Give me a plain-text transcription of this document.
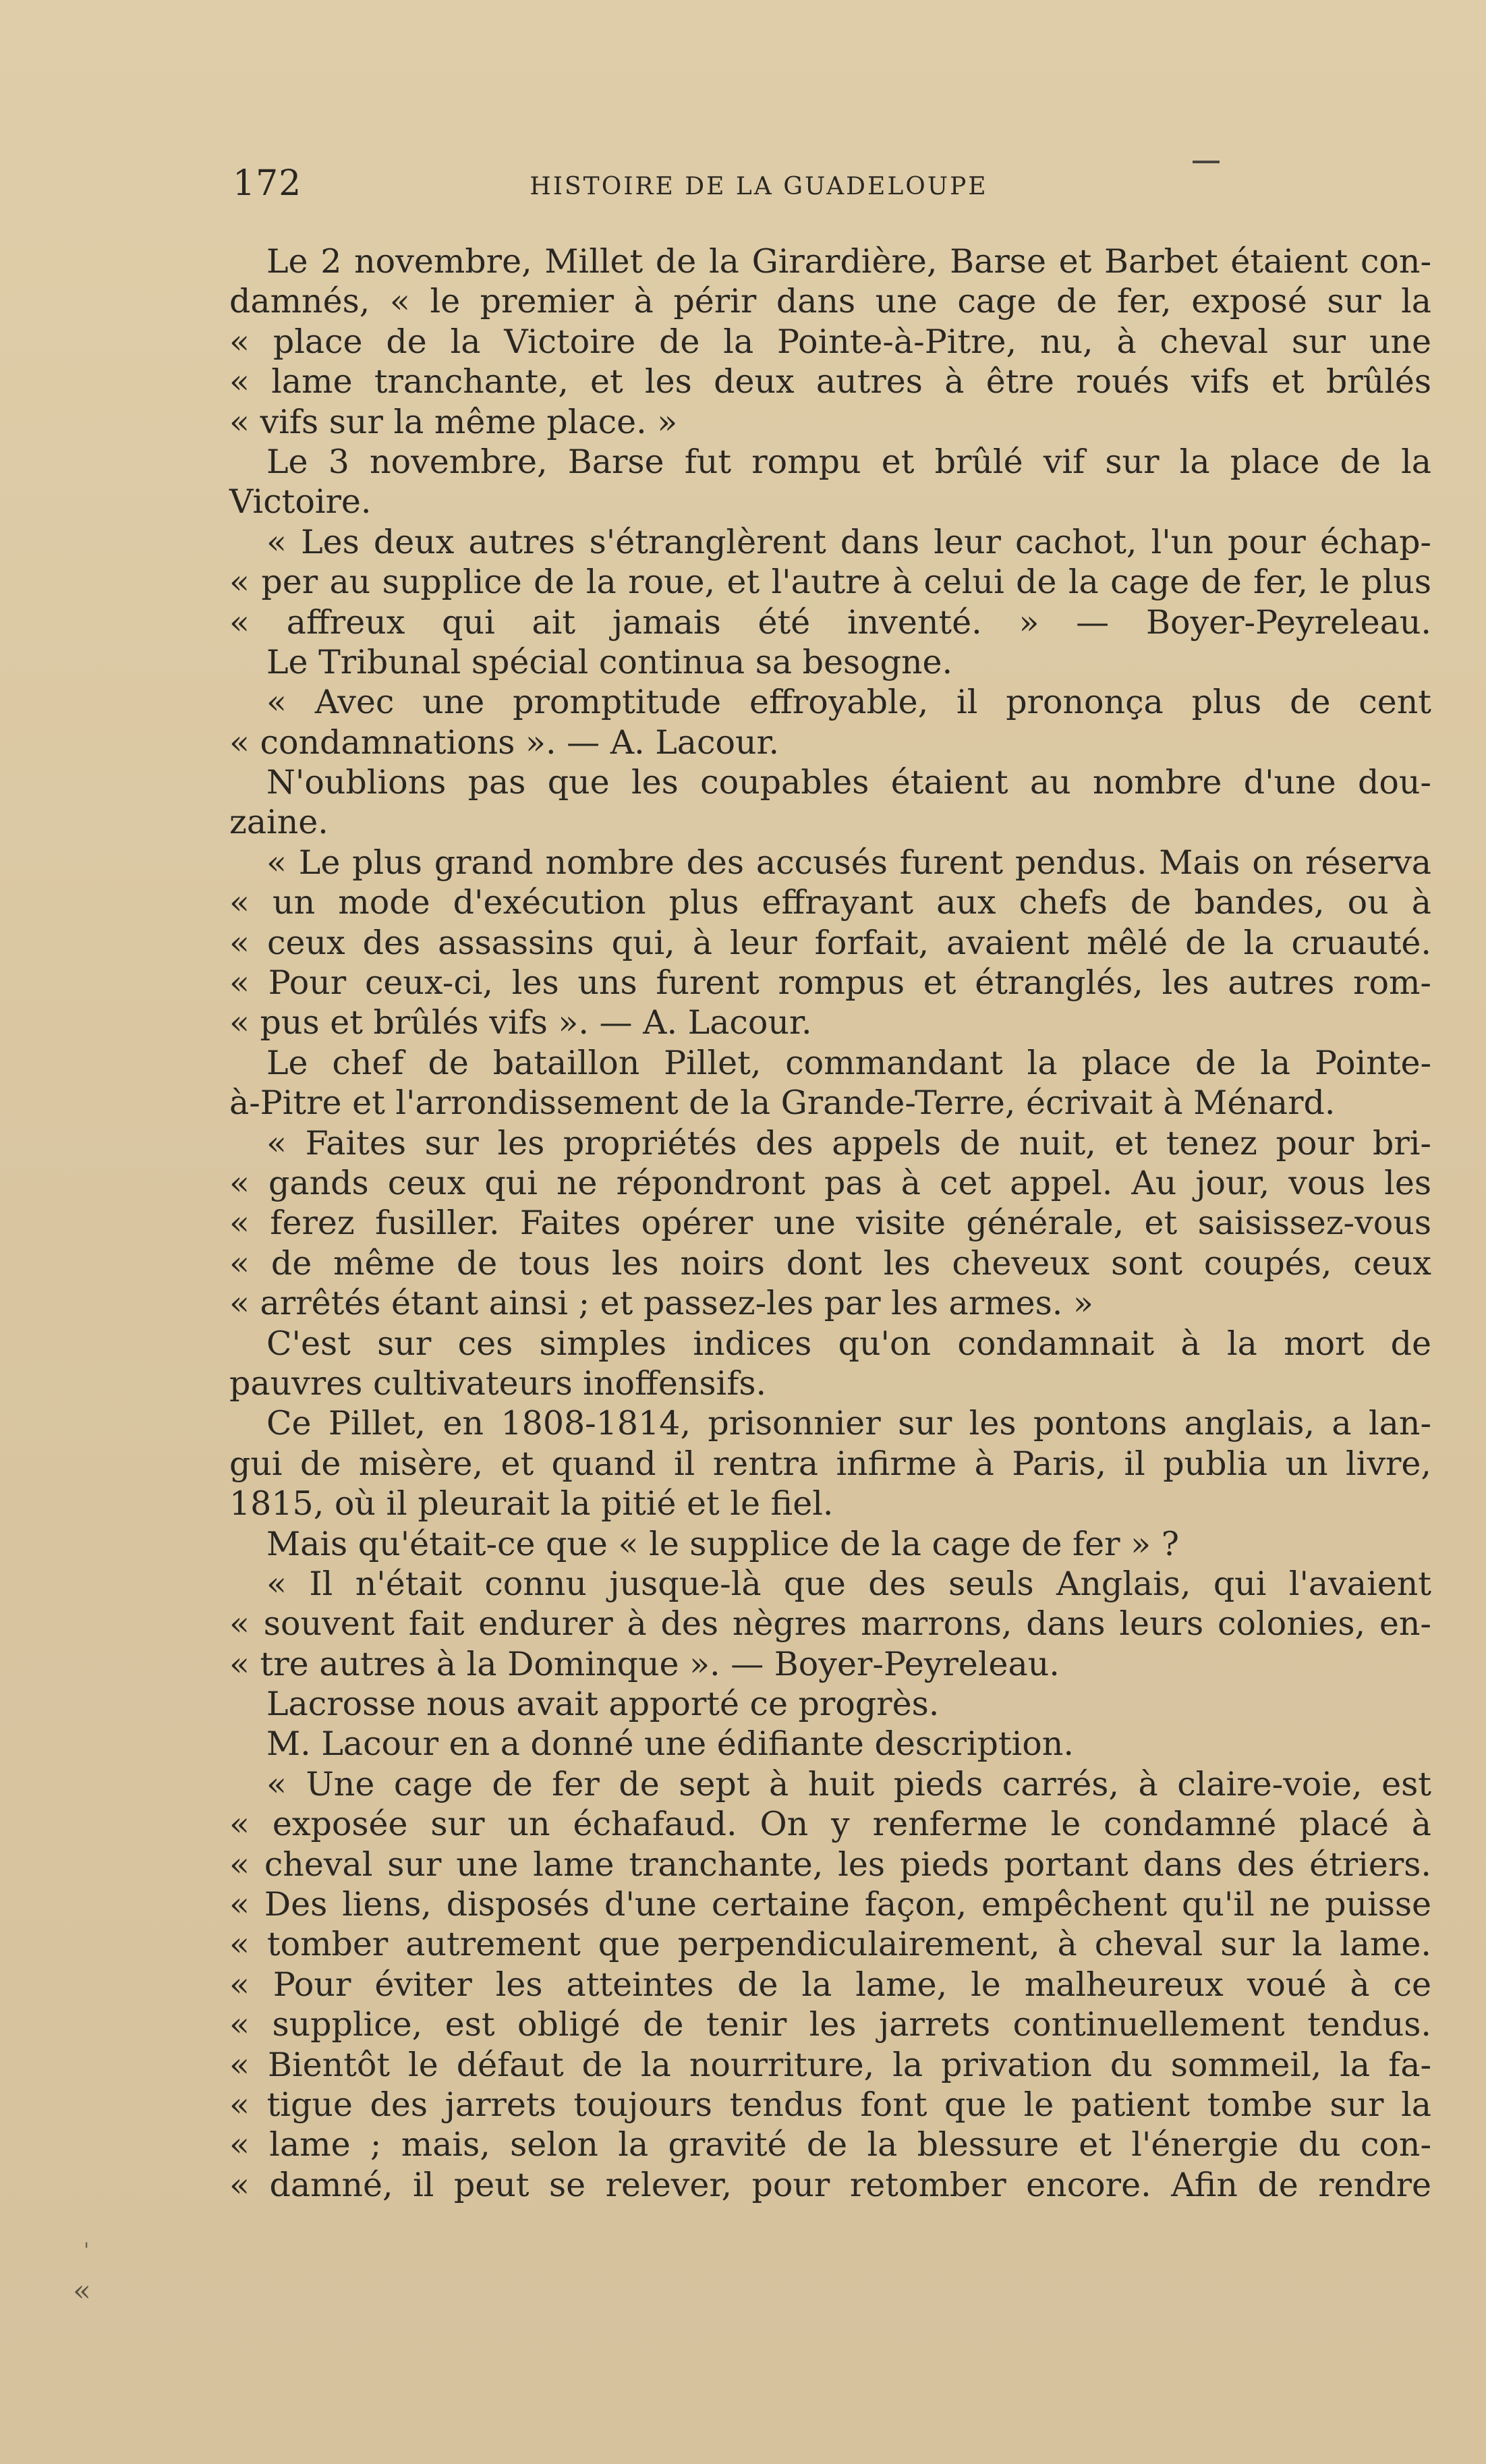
172	HISTOIRE DE LA GUADELOUPE
Le 2 novembre, Millet de la Girardière, Barse et Barbet étaient con-
damnés, « le premier à périr dans une cage de fer, exposé sur la
« place de la Victoire de la Pointe-à-Pitre, nu, à cheval sur une
« lame tranchante, et les deux autres à être roués vifs et brûlés
« vifs sur la même place. »
Le 3 novembre, Barse fut rompu et brûlé vif sur la place de la
Victoire.
« Les deux autres s'étranglèrent dans leur cachot, l'un pour échap-
« per au supplice de la roue, et l'autre à celui de la cage de fer, le plus
« affreux qui ait jamais été inventé. » — Boyer-Peyreleau.
Le Tribunal spécial continua sa besogne.
« Avec une promptitude effroyable, il prononça plus de cent
« condamnations ». — A. Lacour.
N'oublions pas que les coupables étaient au nombre d'une dou-
zaine.
« Le plus grand nombre des accusés furent pendus. Mais on réserva
« un mode d'exécution plus effrayant aux chefs de bandes, ou à
« ceux des assassins qui, à leur forfait, avaient mêlé de la cruauté.
« Pour ceux-ci, les uns furent rompus et étranglés, les autres rom-
« pus et brûlés vifs ». — A. Lacour.
Le chef de bataillon Pillet, commandant la place de la Pointe-
à-Pitre et l'arrondissement de la Grande-Terre, écrivait à Ménard.
« Faites sur les propriétés des appels de nuit, et tenez pour bri-
« gands ceux qui ne répondront pas à cet appel. Au jour, vous les
« ferez fusiller. Faites opérer une visite générale, et saisissez-vous
« de même de tous les noirs dont les cheveux sont coupés, ceux
« arrêtés étant ainsi ; et passez-les par les armes. »
C'est sur ces simples indices qu'on condamnait à la mort de
pauvres cultivateurs inoffensifs.
Ce Pillet, en 1808-1814, prisonnier sur les pontons anglais, a lan-
gui de misère, et quand il rentra infirme à Paris, il publia un livre,
1815, où il pleurait la pitié et le fiel.
Mais qu'était-ce que « le supplice de la cage de fer » ?
« Il n'était connu jusque-là que des seuls Anglais, qui l'avaient
« souvent fait endurer à des nègres marrons, dans leurs colonies, en-
« tre autres à la Dominque ». — Boyer-Peyreleau.
Lacrosse nous avait apporté ce progrès.
M. Lacour en a donné une édifiante description.
« Une cage de fer de sept à huit pieds carrés, à claire-voie, est
« exposée sur un échafaud. On y renferme le condamné placé à
« cheval sur une lame tranchante, les pieds portant dans des étriers.
« Des liens, disposés d'une certaine façon, empêchent qu'il ne puisse
« tomber autrement que perpendiculairement, à cheval sur la lame.
« Pour éviter les atteintes de la lame, le malheureux voué à ce
« supplice, est obligé de tenir les jarrets continuellement tendus.
« Bientôt le défaut de la nourriture, la privation du sommeil, la fa-
« tigue des jarrets toujours tendus font que le patient tombe sur la
« lame ; mais, selon la gravité de la blessure et l'énergie du con-
« damné, il peut se relever, pour retomber encore. Afin de rendre
'
«
